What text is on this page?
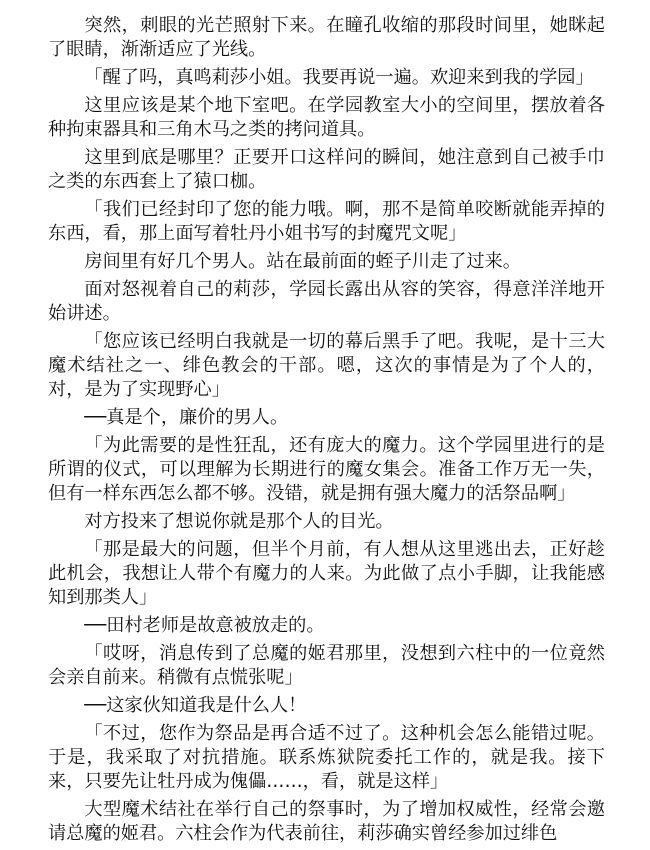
突然，刺眼的光芒照射下来。在瞳孔收缩的那段时间里，她眯起了眼睛，渐渐适应了光线。

「醒了吗，真鸣莉莎小姐。我要再说一遍。欢迎来到我的学园」

这里应该是某个地下室吧。在学园教室大小的空间里，摆放着各种拘束器具和三角木马之类的拷问道具。

这里到底是哪里？正要开口这样问的瞬间，她注意到自己被手巾之类的东西套上了猿口枷。

「我们已经封印了您的能力哦。啊，那不是简单咬断就能弄掉的东西，看，那上面写着牡丹小姐书写的封魔咒文呢」

房间里有好几个男人。站在最前面的蛭子川走了过来。

面对怒视着自己的莉莎，学园长露出从容的笑容，得意洋洋地开始讲述。

「您应该已经明白我就是一切的幕后黑手了吧。我呢，是十三大魔术结社之一、绯色教会的干部。嗯，这次的事情是为了个人的，对，是为了实现野心」

──真是个，廉价的男人。

「为此需要的是性狂乱，还有庞大的魔力。这个学园里进行的是所谓的仪式，可以理解为长期进行的魔女集会。准备工作万无一失，但有一样东西怎么都不够。没错，就是拥有强大魔力的活祭品啊」

对方投来了想说你就是那个人的目光。

「那是最大的问题，但半个月前，有人想从这里逃出去，正好趁此机会，我想让人带个有魔力的人来。为此做了点小手脚，让我能感知到那类人」

──田村老师是故意被放走的。

「哎呀，消息传到了总魔的姬君那里，没想到六柱中的一位竟然会亲自前来。稍微有点慌张呢」

──这家伙知道我是什么人！

「不过，您作为祭品是再合适不过了。这种机会怎么能错过呢。于是，我采取了对抗措施。联系炼狱院委托工作的，就是我。接下来，只要先让牡丹成为傀儡……，看，就是这样」

大型魔术结社在举行自己的祭事时，为了增加权威性，经常会邀请总魔的姬君。六柱会作为代表前往，莉莎确实曾经参加过绯色
